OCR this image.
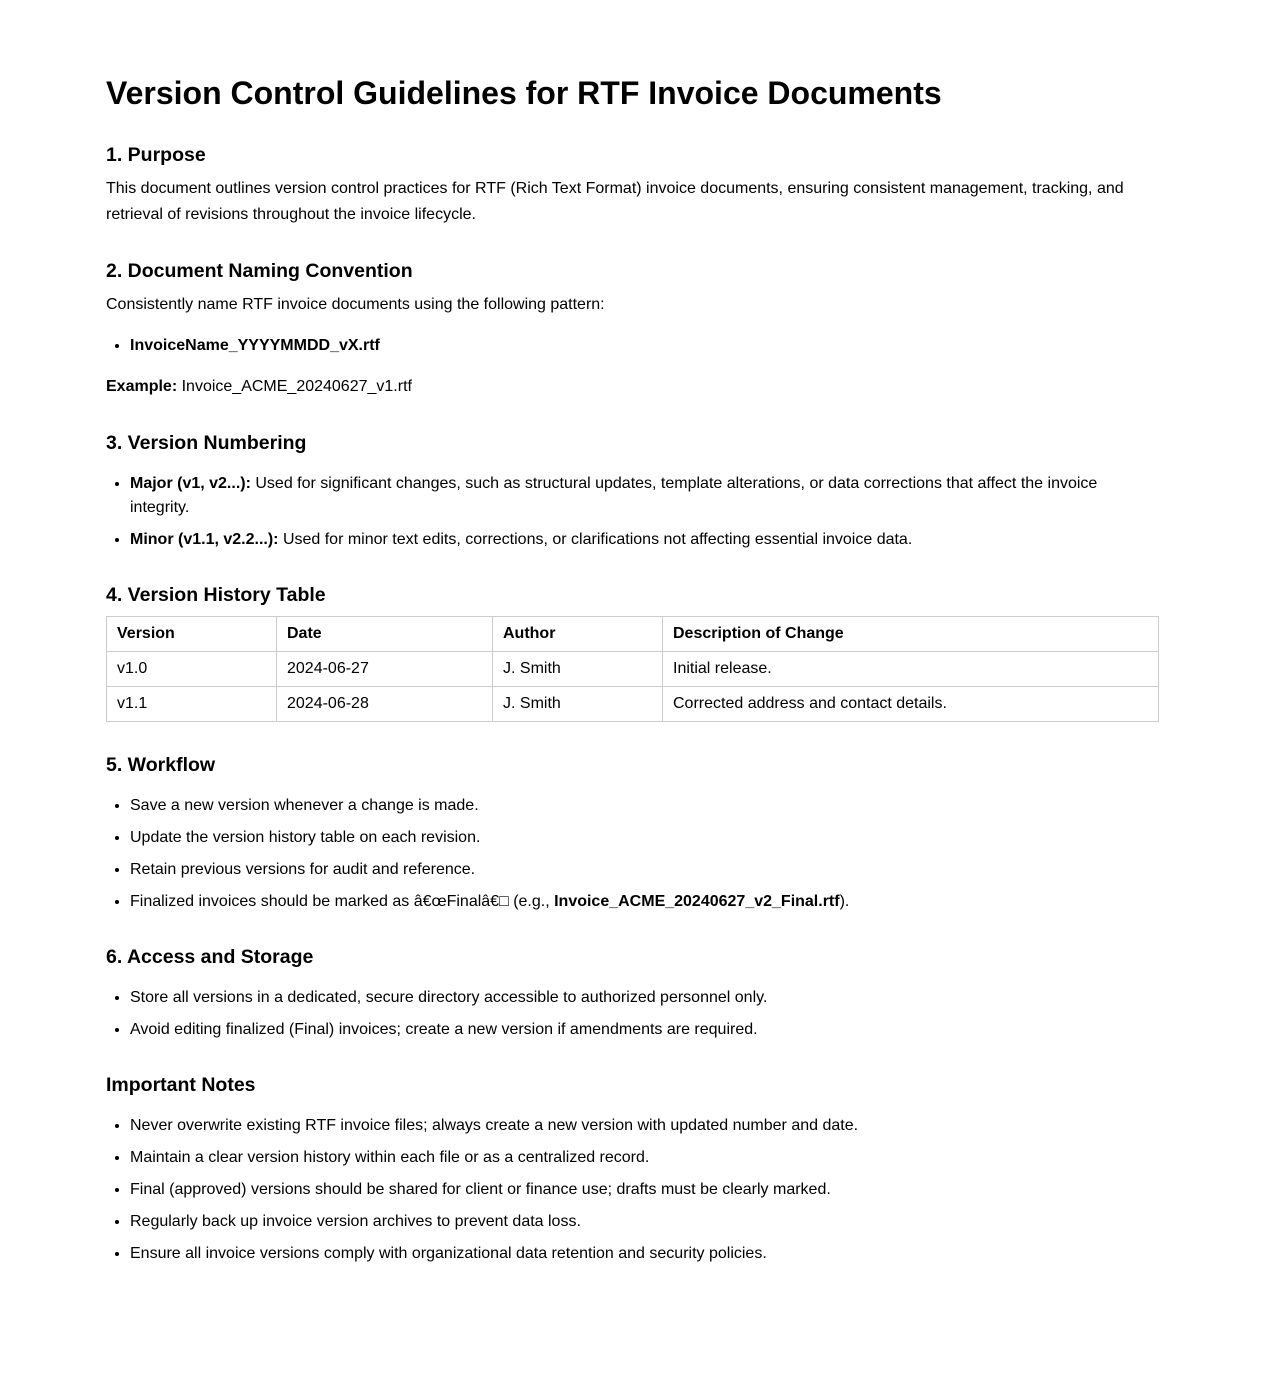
Version Control Guidelines for RTF Invoice Documents
1. Purpose

This document outlines version control practices for RTF (Rich Text Format) invoice documents, ensuring consistent management, tracking, and retrieval of revisions throughout the invoice lifecycle.

2. Document Naming Convention

Consistently name RTF invoice documents using the following pattern:

• InvoiceName_YYYYMMDD_vX.rtf

Example: Invoice_ACME_20240627_v1.rtf

3. Version Numbering
• Major (v1, v2...): Used for significant changes, such as structural updates, template alterations, or data corrections that affect the invoice integrity.
• Minor (v1.1, v2.2...): Used for minor text edits, corrections, or clarifications not affecting essential invoice data.
4. Version History Table
Version	Date	Author	Description of Change
v1.0	2024-06-27	J. Smith	Initial release.
v1.1	2024-06-28	J. Smith	Corrected address and contact details.
5. Workflow
• Save a new version whenever a change is made.
• Update the version history table on each revision.
• Retain previous versions for audit and reference.
• Finalized invoices should be marked as â€œFinalâ€□ (e.g., Invoice_ACME_20240627_v2_Final.rtf).
6. Access and Storage
• Store all versions in a dedicated, secure directory accessible to authorized personnel only.
• Avoid editing finalized (Final) invoices; create a new version if amendments are required.
Important Notes
• Never overwrite existing RTF invoice files; always create a new version with updated number and date.
• Maintain a clear version history within each file or as a centralized record.
• Final (approved) versions should be shared for client or finance use; drafts must be clearly marked.
• Regularly back up invoice version archives to prevent data loss.
• Ensure all invoice versions comply with organizational data retention and security policies.
